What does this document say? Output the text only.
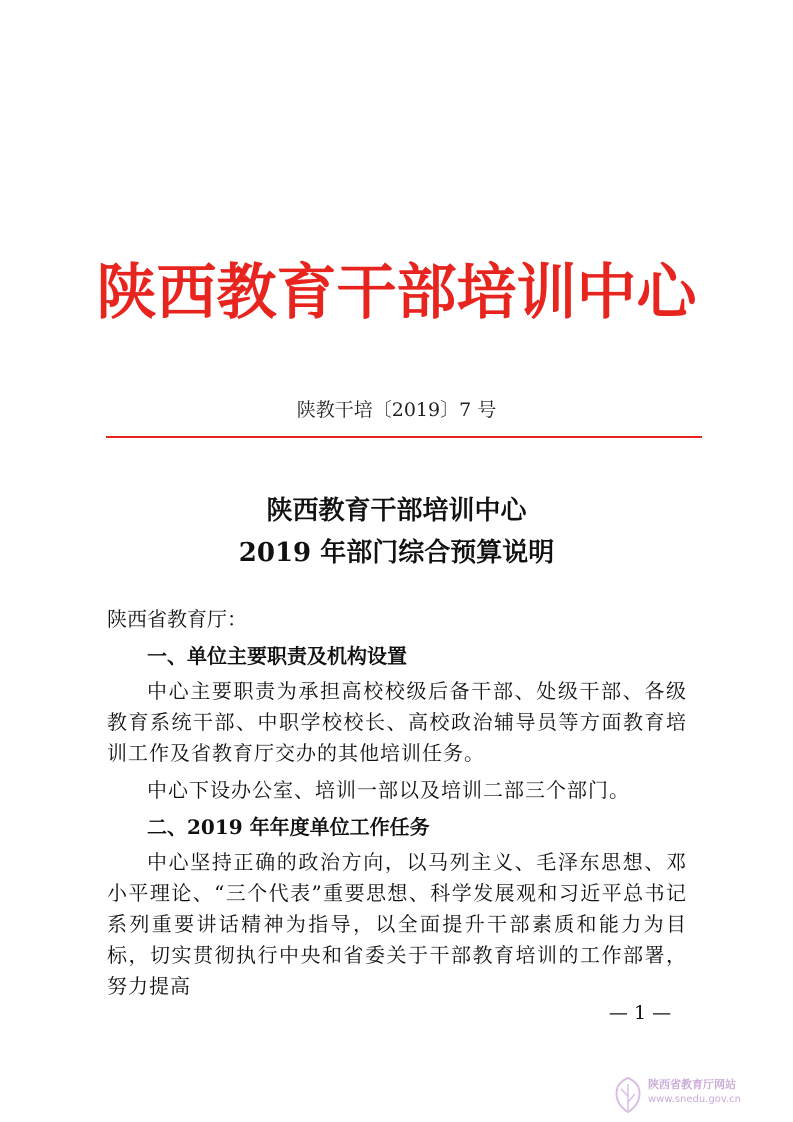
陕西教育干部培训中心
陕教干培〔2019〕7 号
陕西教育干部培训中心
2019 年部门综合预算说明

陕西省教育厅：

一、单位主要职责及机构设置

中心主要职责为承担高校校级后备干部、处级干部、各级教育系统干部、中职学校校长、高校政治辅导员等方面教育培训工作及省教育厅交办的其他培训任务。

中心下设办公室、培训一部以及培训二部三个部门。

二、2019 年年度单位工作任务

中心坚持正确的政治方向，以马列主义、毛泽东思想、邓小平理论、“三个代表”重要思想、科学发展观和习近平总书记系列重要讲话精神为指导，以全面提升干部素质和能力为目标，切实贯彻执行中央和省委关于干部教育培训的工作部署，努力提高

— 1 —
陕西省教育厅网站
www.snedu.gov.cn
